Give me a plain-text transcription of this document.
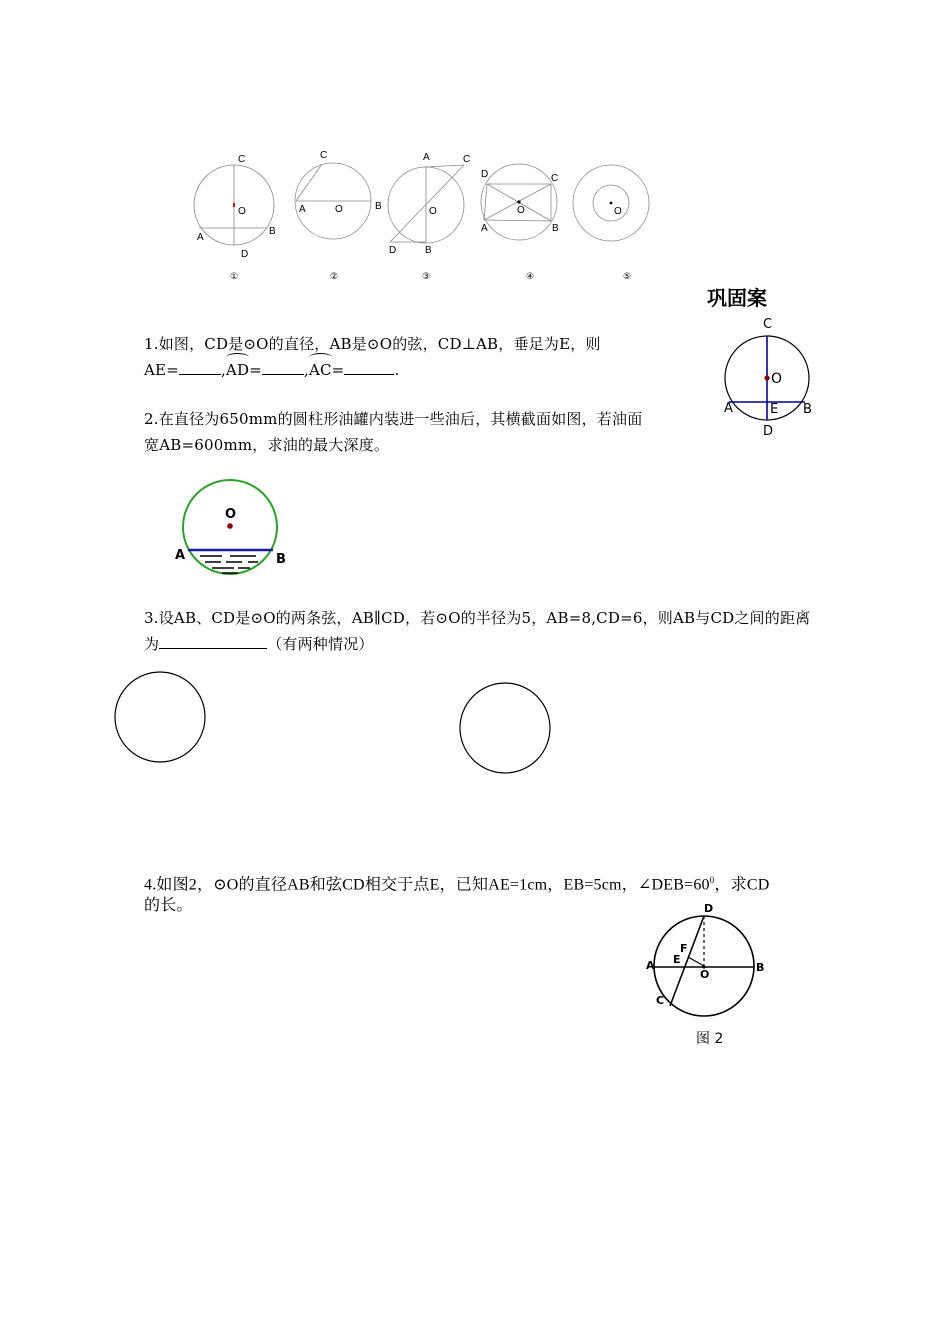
C
O
A
B
D
①
C
A	O	B
②
A	C
O
D	B
③
D	C
O
A	B
④
O
⑤
巩固案
1.如图，CD是⊙O的直径，AB是⊙O的弦，CD⊥AB，垂足为E，则
AE=	,AD=	,AC=	.
C
O
A	E B
D
2.在直径为650mm的圆柱形油罐内装进一些油后，其横截面如图，若油面
宽AB=600mm，求油的最大深度。
O
A	B
3.设AB、CD是⊙O的两条弦，AB∥CD，若⊙O的半径为5，AB=8,CD=6，则AB与CD之间的距离
为	（有两种情况）
4.如图2，⊙O的直径AB和弦CD相交于点E，已知AE=1cm，EB=5cm，$\angle DEB=60^0$，求CD
的长。	D
F
A E
O
B
C
图 2
